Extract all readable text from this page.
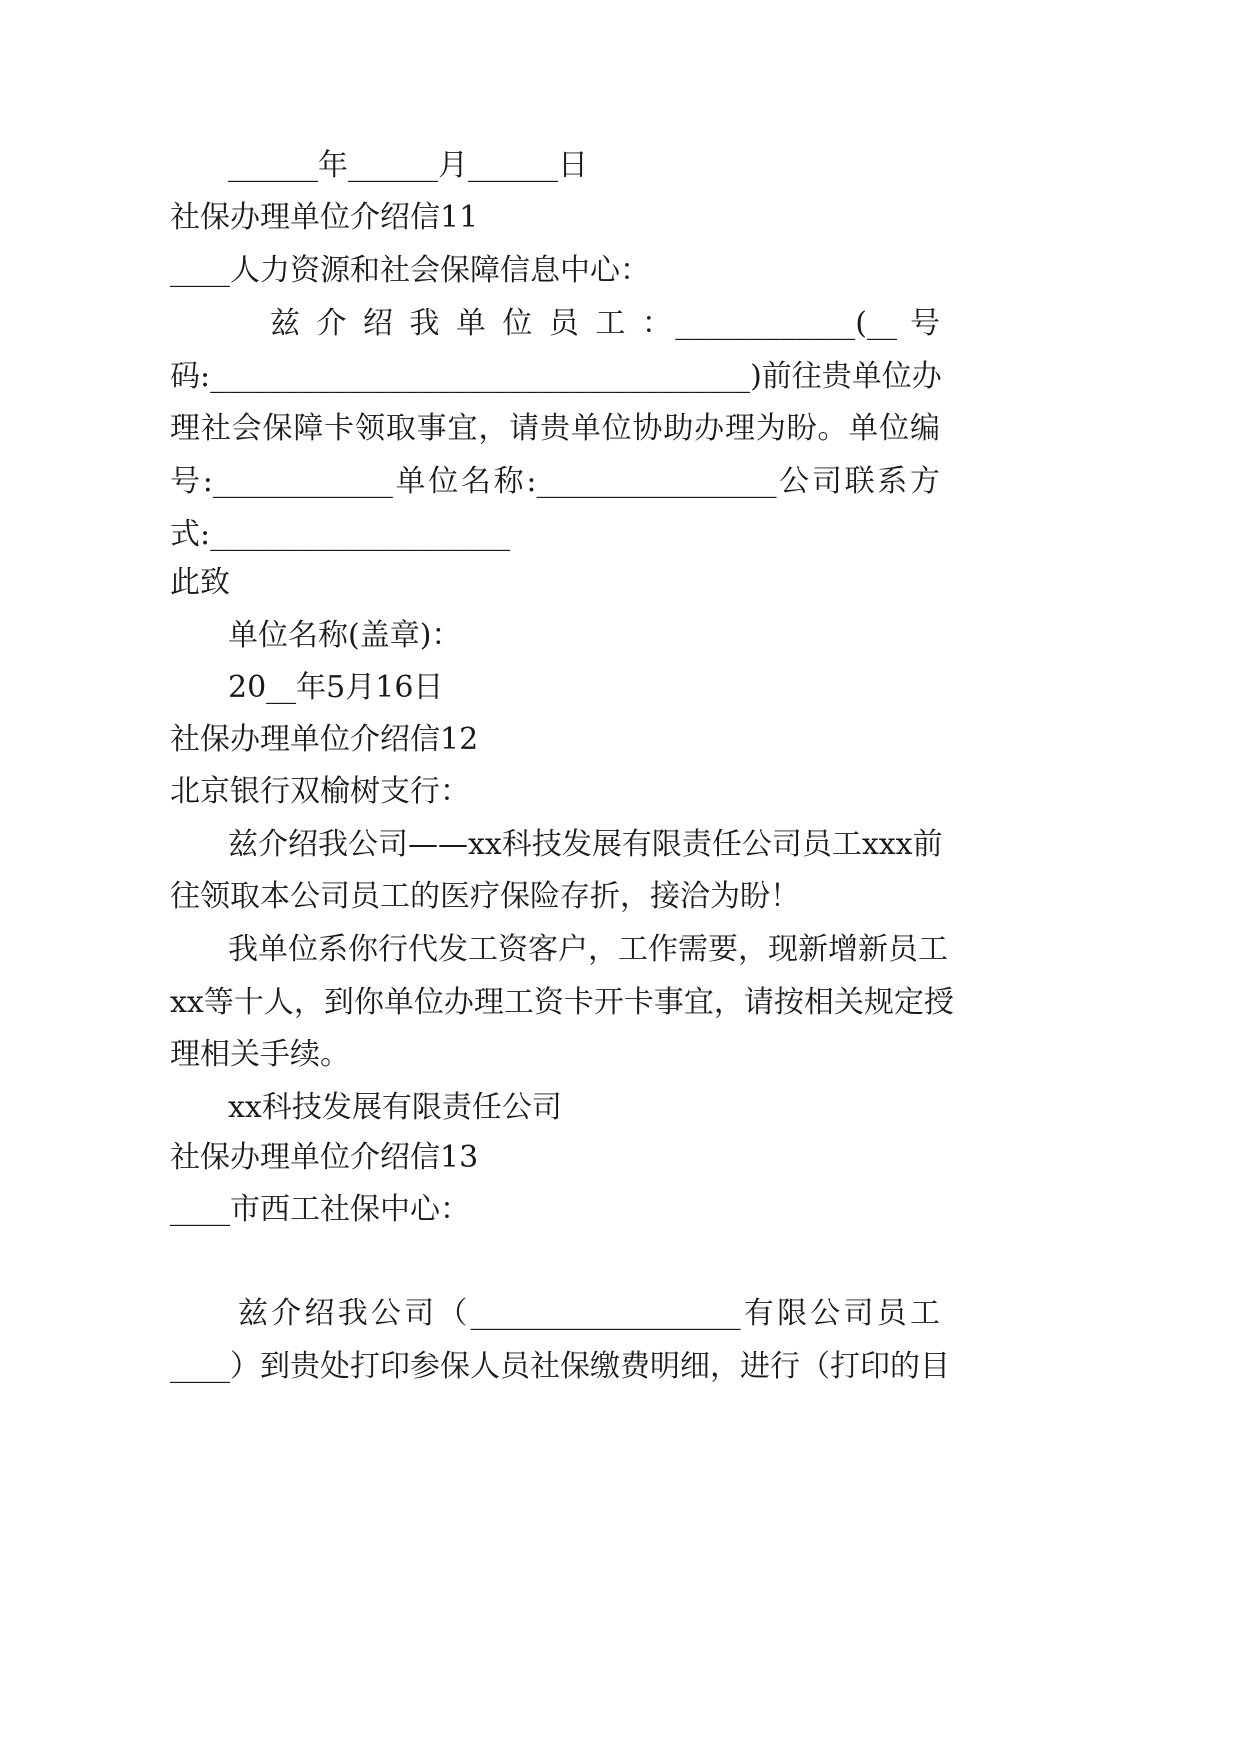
______年______月______日
社保办理单位介绍信11
____人力资源和社会保障信息中心：
兹 介 绍 我 单 位 员 工 ：____________(__ 号
码:____________________________________)前往贵单位办
理社会保障卡领取事宜，请贵单位协助办理为盼。单位编
号:____________单位名称:________________公司联系方
式:____________________
此致
单位名称(盖章)：
20__年5月16日
社保办理单位介绍信12
北京银行双榆树支行：
兹介绍我公司——xx科技发展有限责任公司员工xxx前
往领取本公司员工的医疗保险存折，接洽为盼！
我单位系你行代发工资客户，工作需要，现新增新员工
xx等十人，到你单位办理工资卡开卡事宜，请按相关规定授
理相关手续。
xx科技发展有限责任公司
社保办理单位介绍信13
____市西工社保中心：
兹介绍我公司（__________________有限公司员工
____）到贵处打印参保人员社保缴费明细，进行（打印的目
